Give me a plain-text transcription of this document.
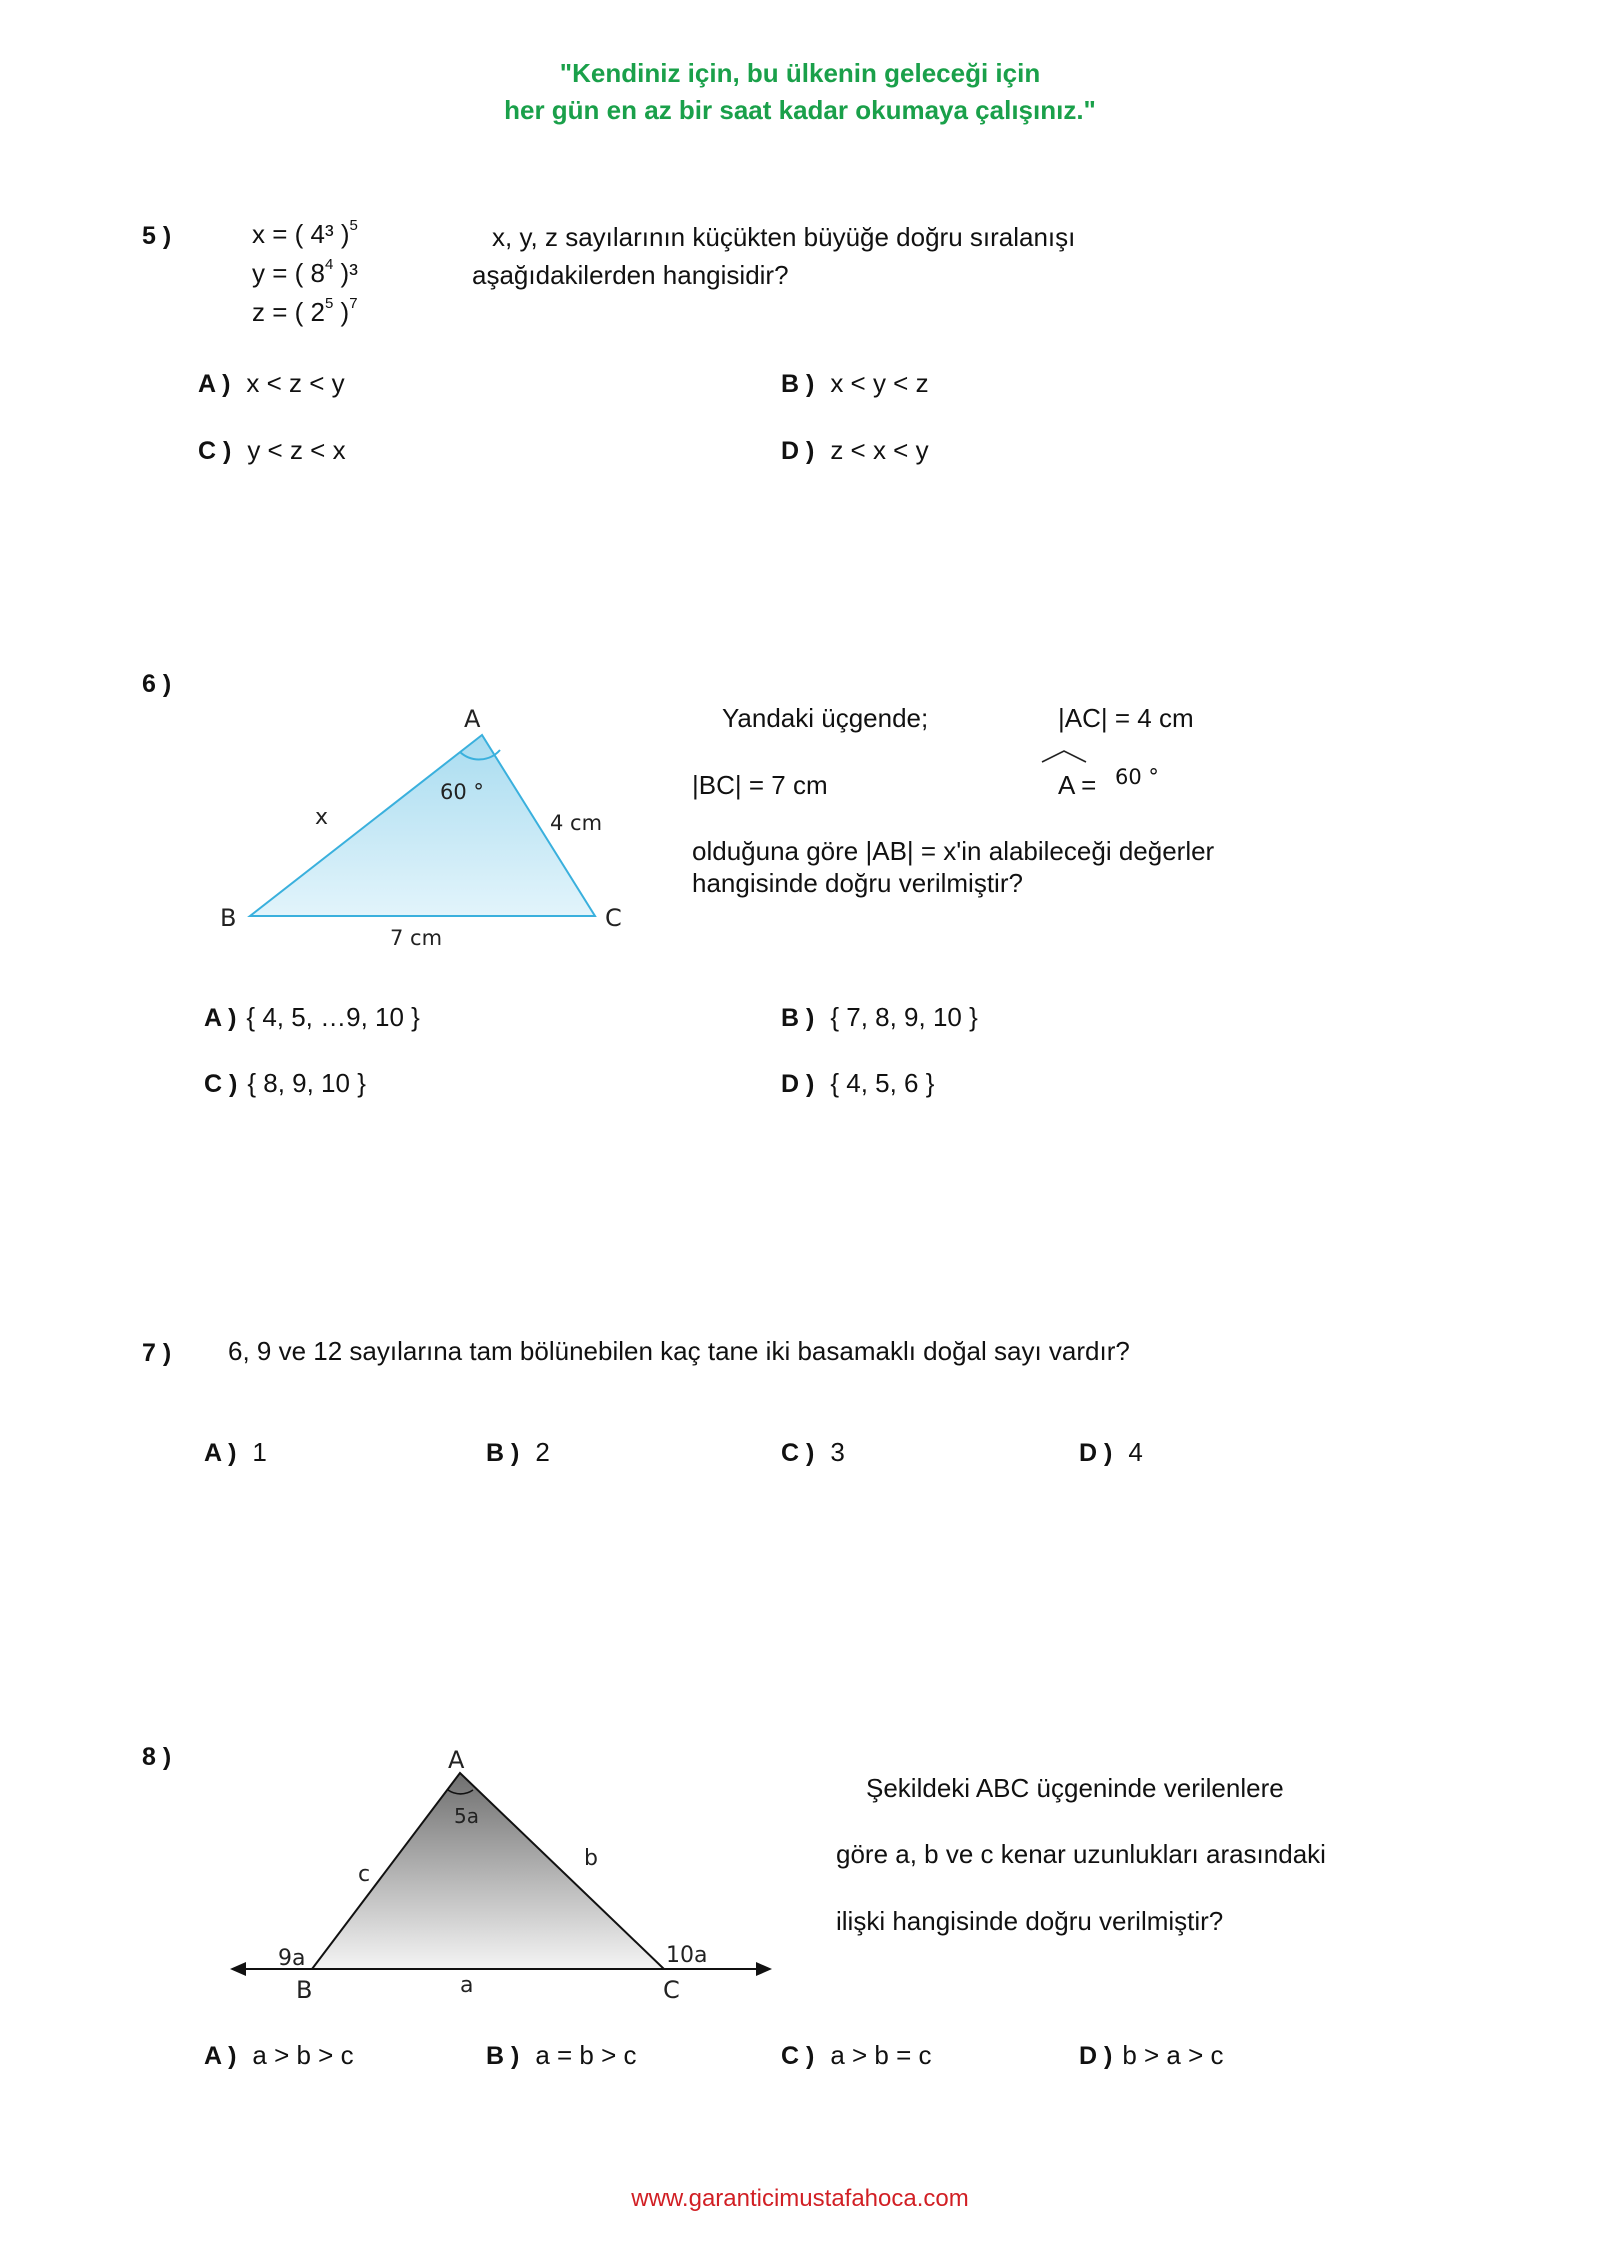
"Kendiniz için, bu ülkenin geleceği için
her gün en az bir saat kadar okumaya çalışınız."
5 )	x = ( 4³ )$^5$
y = ( $8^4$ )³
z = ( $2^5$ )$^7$
x, y, z sayılarının küçükten büyüğe doğru sıralanışı
aşağıdakilerden hangisidir?
A ) x < z < y	B ) x < y < z
C ) y < z < x	D ) z < x < y
6 )
A
B	C
60 °
x	4 cm
7 cm
Yandaki üçgende;	|AC| = 4 cm
|BC| = 7 cm	A = 60 °
olduğuna göre |AB| = x'in alabileceği değerler
hangisinde doğru verilmiştir?
A ) { 4, 5, …9, 10 }	B ) { 7, 8, 9, 10 }
C ) { 8, 9, 10 }	D ) { 4, 5, 6 }
7 ) 6, 9 ve 12 sayılarına tam bölünebilen kaç tane iki basamaklı doğal sayı vardır?
A ) 1	B ) 2	C ) 3	D ) 4
8 )	A
B	C
5a
9a	10a
a
b
c
Şekildeki ABC üçgeninde verilenlere
göre a, b ve c kenar uzunlukları arasındaki
ilişki hangisinde doğru verilmiştir?
A ) a > b > c	B ) a = b > c	C ) a > b = c	D ) b > a > c
www.garanticimustafahoca.com
